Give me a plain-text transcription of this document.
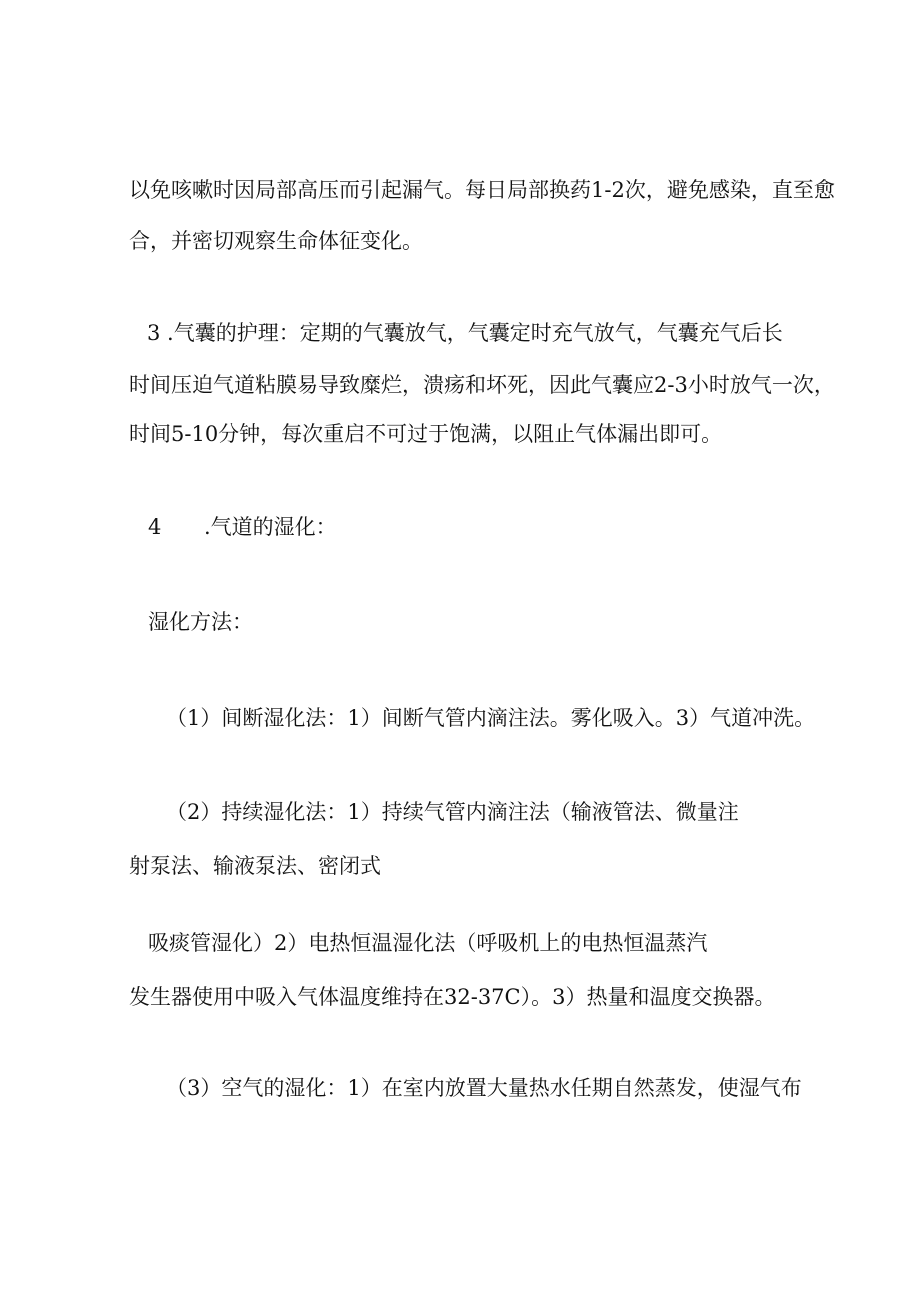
以免咳嗽时因局部高压而引起漏气。每日局部换药1-2次，避免感染，直至愈
合，并密切观察生命体征变化。
3 .气囊的护理：定期的气囊放气，气囊定时充气放气，气囊充气后长
时间压迫气道粘膜易导致糜烂，溃疡和坏死，因此气囊应2-3小时放气一次，
时间5-10分钟，每次重启不可过于饱满，以阻止气体漏出即可。
4 .气道的湿化：
湿化方法：
（1）间断湿化法：1）间断气管内滴注法。雾化吸入。3）气道冲洗。
（2）持续湿化法：1）持续气管内滴注法（输液管法、微量注
射泵法、输液泵法、密闭式
吸痰管湿化）2）电热恒温湿化法（呼吸机上的电热恒温蒸汽
发生器使用中吸入气体温度维持在32-37C）。3）热量和温度交换器。
（3）空气的湿化：1）在室内放置大量热水任期自然蒸发，使湿气布
